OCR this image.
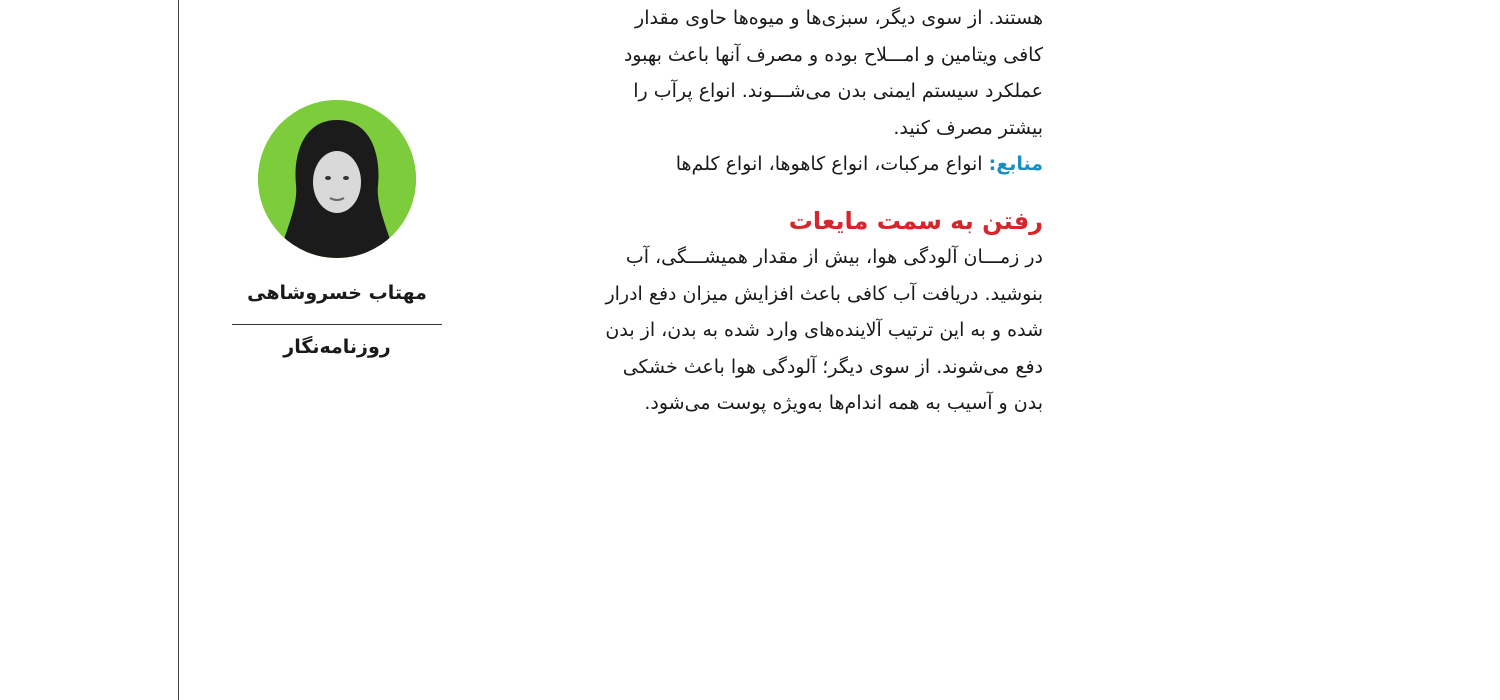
مهتاب خسروشاهی
روزنامه‌نگار
هستند. از سوی دیگر، سبزی‌ها و میوه‌ها حاوی مقدار
کافی ویتامین و امـــلاح بوده و مصرف آنها باعث بهبود
عملکرد سیستم ایمنی بدن می‌شـــوند. انواع پرآب را
بیشتر مصرف کنید.
منابع: انواع مرکبات، انواع کاهوها، انواع کلم‌ها
رفتن به سمت مایعات
در زمـــان آلودگی هوا، بیش از مقدار همیشـــگی، آب
بنوشید. دریافت آب کافی باعث افزایش میزان دفع ادرار
شده و به این ترتیب آلاینده‌های وارد شده به بدن، از بدن
دفع می‌شوند. از سوی دیگر؛ آلودگی هوا باعث خشکی
بدن و آسیب به همه اندام‌ها به‌ویژه پوست می‌شود.
